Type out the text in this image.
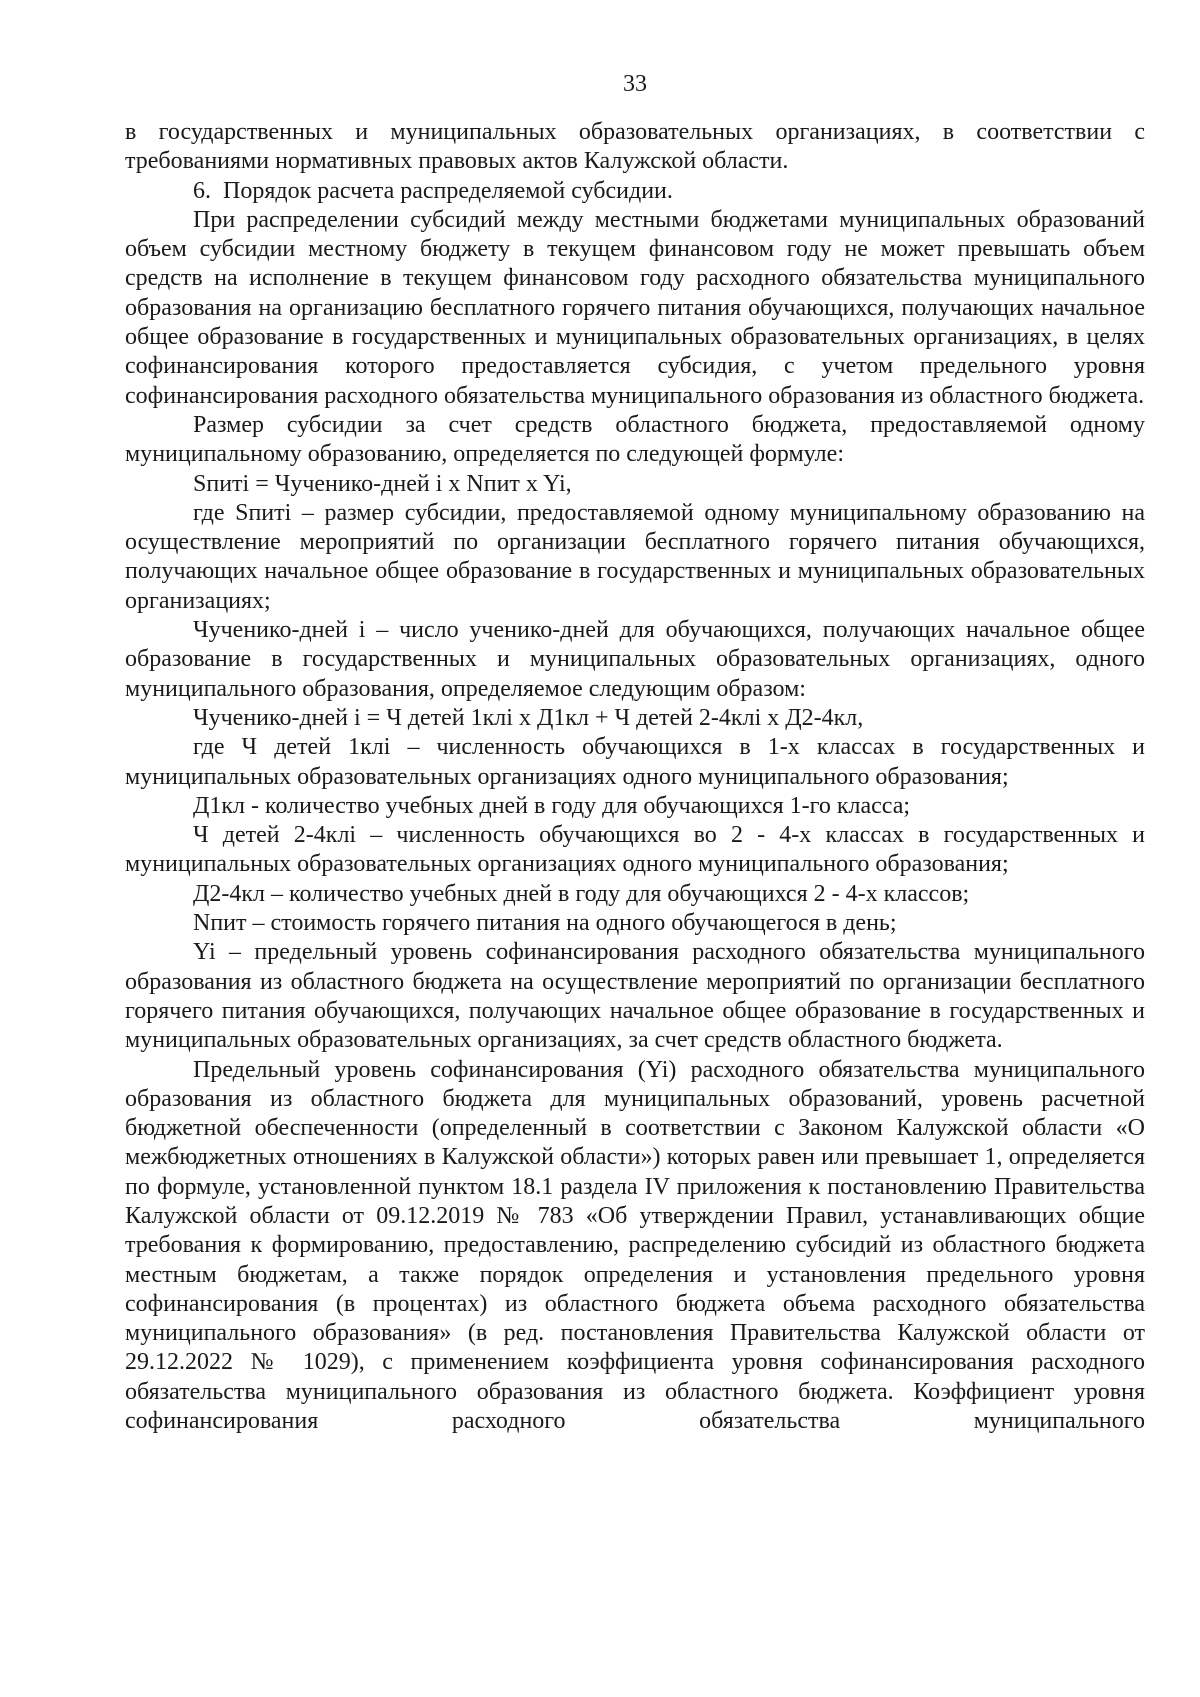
33

в государственных и муниципальных образовательных организациях, в соответствии с требованиями нормативных правовых актов Калужской области.

6.  Порядок расчета распределяемой субсидии.

При распределении субсидий между местными бюджетами муниципальных образований объем субсидии местному бюджету в текущем финансовом году не может превышать объем средств на исполнение в текущем финансовом году расходного обязательства муниципального образования на организацию бесплатного горячего питания обучающихся, получающих начальное общее образование в государственных и муниципальных образовательных организациях, в целях софинансирования которого предоставляется субсидия, с учетом предельного уровня софинансирования расходного обязательства муниципального образования из областного бюджета.

Размер субсидии за счет средств областного бюджета, предоставляемой одному муниципальному образованию, определяется по следующей формуле:

Sпитi = Чученико-дней i x Nпит x Yi,

где Sпитi – размер субсидии, предоставляемой одному муниципальному образованию на осуществление мероприятий по организации бесплатного горячего питания обучающихся, получающих начальное общее образование в государственных и муниципальных образовательных организациях;

Чученико-дней i – число ученико-дней для обучающихся, получающих начальное общее образование в государственных и муниципальных образовательных организациях, одного муниципального образования, определяемое следующим образом:

Чученико-дней i = Ч детей 1клi x Д1кл + Ч детей 2-4клi x Д2-4кл,

где Ч детей 1клi – численность обучающихся в 1-х классах в государственных и муниципальных образовательных организациях одного муниципального образования;

Д1кл - количество учебных дней в году для обучающихся 1-го класса;

Ч детей 2-4клi – численность обучающихся во 2 - 4-х классах в государственных и муниципальных образовательных организациях одного муниципального образования;

Д2-4кл – количество учебных дней в году для обучающихся 2 - 4-х классов;

Nпит – стоимость горячего питания на одного обучающегося в день;

Yi – предельный уровень софинансирования расходного обязательства муниципального образования из областного бюджета на осуществление мероприятий по организации бесплатного горячего питания обучающихся, получающих начальное общее образование в государственных и муниципальных образовательных организациях, за счет средств областного бюджета.

Предельный уровень софинансирования (Yi) расходного обязательства муниципального образования из областного бюджета для муниципальных образований, уровень расчетной бюджетной обеспеченности (определенный в соответствии с Законом Калужской области «О межбюджетных отношениях в Калужской области») которых равен или превышает 1, определяется по формуле, установленной пунктом 18.1 раздела IV приложения к постановлению Правительства Калужской области от 09.12.2019 № 783 «Об утверждении Правил, устанавливающих общие требования к формированию, предоставлению, распределению субсидий из областного бюджета местным бюджетам, а также порядок определения и установления предельного уровня софинансирования (в процентах) из областного бюджета объема расходного обязательства муниципального образования» (в ред. постановления Правительства Калужской области от 29.12.2022 № 1029), с применением коэффициента уровня софинансирования расходного обязательства муниципального образования из областного бюджета. Коэффициент уровня софинансирования расходного обязательства муниципального
